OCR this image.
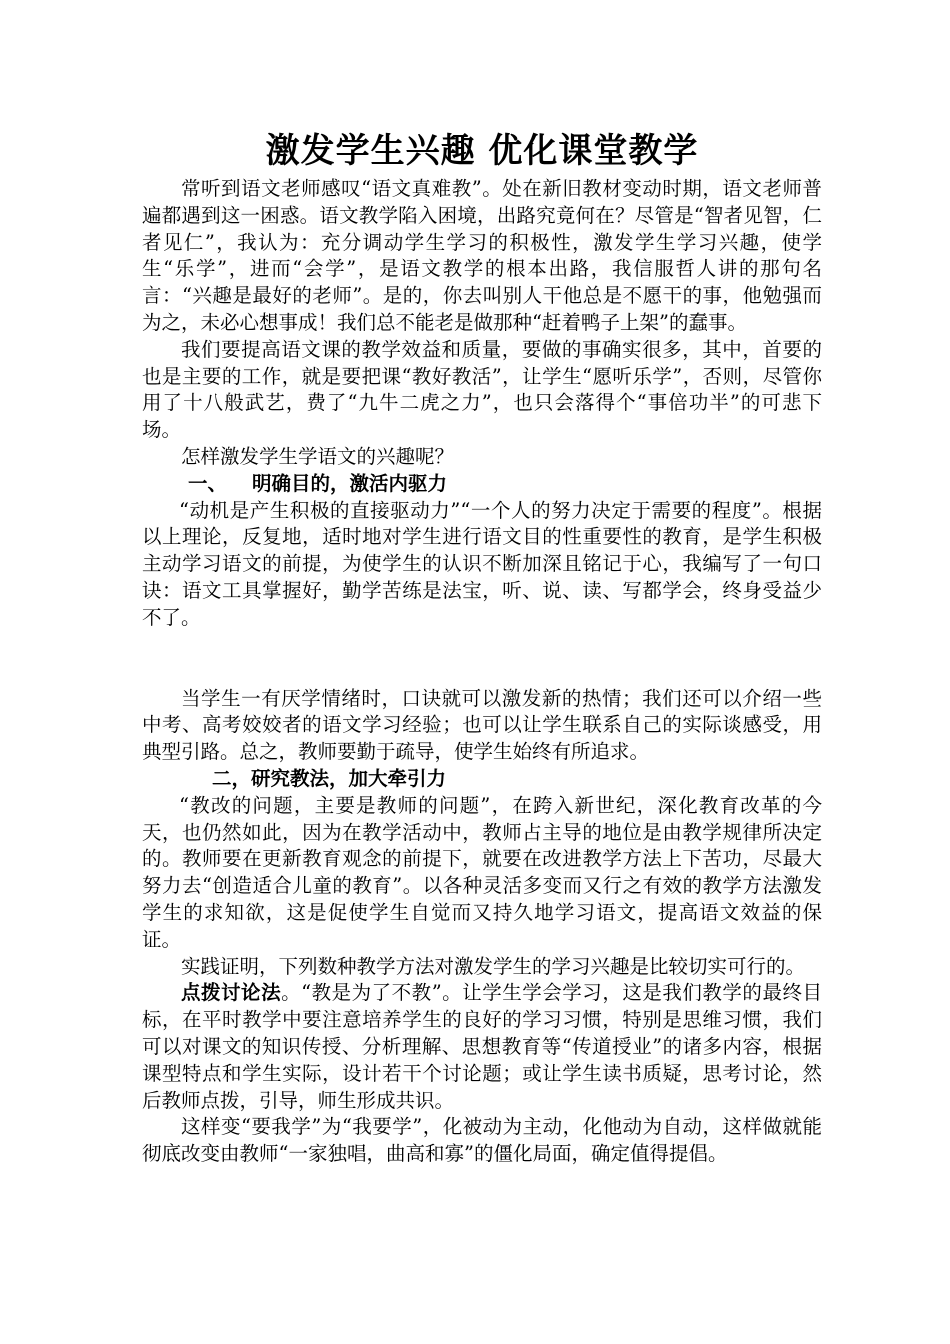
激发学生兴趣 优化课堂教学

常听到语文老师感叹“语文真难教”。处在新旧教材变动时期，语文老师普遍都遇到这一困惑。语文教学陷入困境，出路究竟何在？尽管是“智者见智，仁者见仁”，我认为：充分调动学生学习的积极性，激发学生学习兴趣，使学生“乐学”，进而“会学”，是语文教学的根本出路，我信服哲人讲的那句名言：“兴趣是最好的老师”。是的，你去叫别人干他总是不愿干的事，他勉强而为之，未必心想事成！我们总不能老是做那种“赶着鸭子上架”的蠢事。

我们要提高语文课的教学效益和质量，要做的事确实很多，其中，首要的也是主要的工作，就是要把课“教好教活”，让学生“愿听乐学”，否则，尽管你用了十八般武艺，费了“九牛二虎之力”，也只会落得个“事倍功半”的可悲下场。

怎样激发学生学语文的兴趣呢？

一、 明确目的，激活内驱力

“动机是产生积极的直接驱动力”“一个人的努力决定于需要的程度”。根据以上理论，反复地，适时地对学生进行语文目的性重要性的教育，是学生积极主动学习语文的前提，为使学生的认识不断加深且铭记于心，我编写了一句口诀：语文工具掌握好，勤学苦练是法宝，听、说、读、写都学会，终身受益少不了。

当学生一有厌学情绪时，口诀就可以激发新的热情；我们还可以介绍一些中考、高考姣姣者的语文学习经验；也可以让学生联系自己的实际谈感受，用典型引路。总之，教师要勤于疏导，使学生始终有所追求。

二，研究教法，加大牵引力

“教改的问题，主要是教师的问题”，在跨入新世纪，深化教育改革的今天，也仍然如此，因为在教学活动中，教师占主导的地位是由教学规律所决定的。教师要在更新教育观念的前提下，就要在改进教学方法上下苦功，尽最大努力去“创造适合儿童的教育”。以各种灵活多变而又行之有效的教学方法激发学生的求知欲，这是促使学生自觉而又持久地学习语文，提高语文效益的保证。

实践证明，下列数种教学方法对激发学生的学习兴趣是比较切实可行的。

点拨讨论法。“教是为了不教”。让学生学会学习，这是我们教学的最终目标，在平时教学中要注意培养学生的良好的学习习惯，特别是思维习惯，我们可以对课文的知识传授、分析理解、思想教育等“传道授业”的诸多内容，根据课型特点和学生实际，设计若干个讨论题；或让学生读书质疑，思考讨论，然后教师点拨，引导，师生形成共识。

这样变“要我学”为“我要学”，化被动为主动，化他动为自动，这样做就能彻底改变由教师“一家独唱，曲高和寡”的僵化局面，确定值得提倡。
